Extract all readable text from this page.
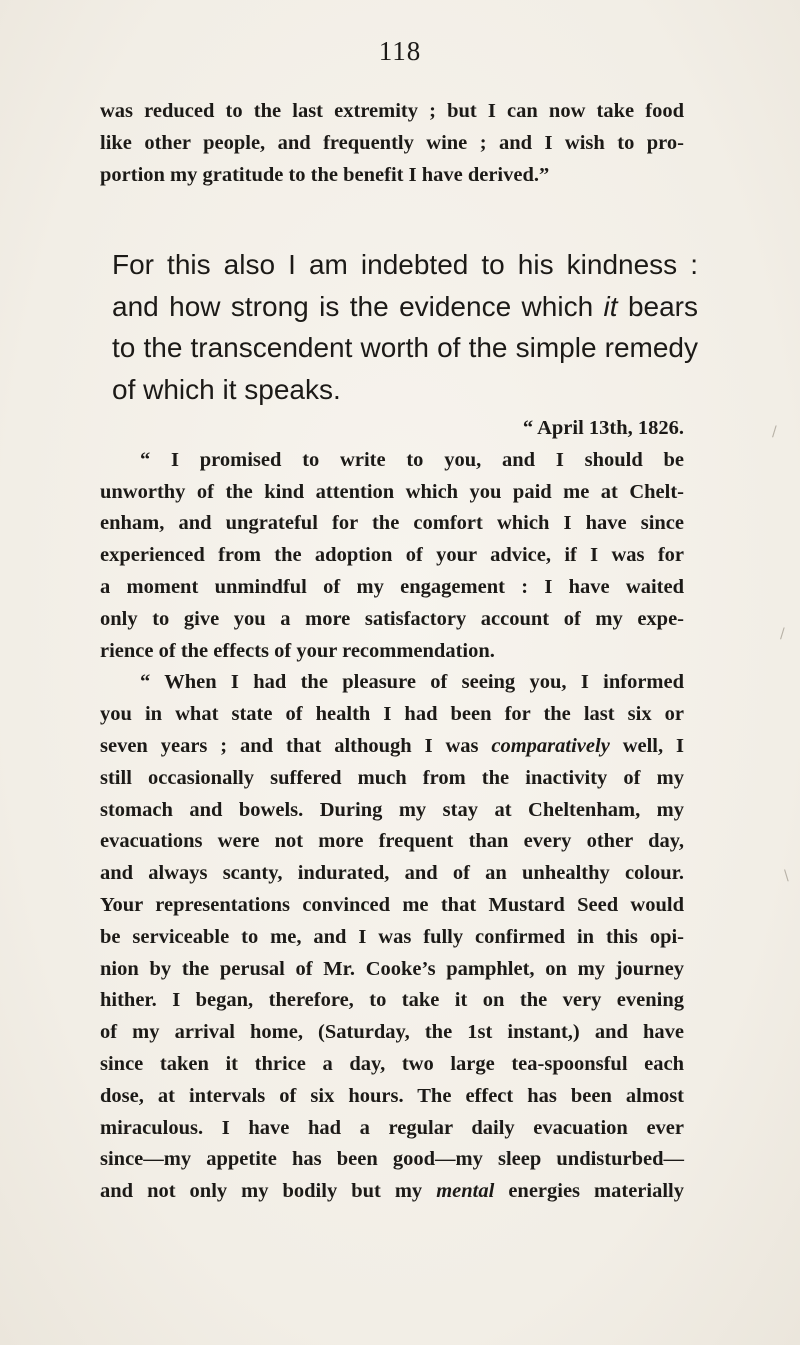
118
was reduced to the last extremity ; but I can now take food
like other people, and frequently wine ; and I wish to pro-
portion my gratitude to the benefit I have derived.”
For this also I am indebted to his kindness :
and how strong is the evidence which it bears
to the transcendent worth of the simple remedy
of which it speaks.
“ April 13th, 1826.
“ I promised to write to you, and I should be
unworthy of the kind attention which you paid me at Chelt-
enham, and ungrateful for the comfort which I have since
experienced from the adoption of your advice, if I was for
a moment unmindful of my engagement : I have waited
only to give you a more satisfactory account of my expe-
rience of the effects of your recommendation.
“ When I had the pleasure of seeing you, I informed
you in what state of health I had been for the last six or
seven years ; and that although I was comparatively well, I
still occasionally suffered much from the inactivity of my
stomach and bowels. During my stay at Cheltenham, my
evacuations were not more frequent than every other day,
and always scanty, indurated, and of an unhealthy colour.
Your representations convinced me that Mustard Seed would
be serviceable to me, and I was fully confirmed in this opi-
nion by the perusal of Mr. Cooke’s pamphlet, on my journey
hither. I began, therefore, to take it on the very evening
of my arrival home, (Saturday, the 1st instant,) and have
since taken it thrice a day, two large tea-spoonsful each
dose, at intervals of six hours. The effect has been almost
miraculous. I have had a regular daily evacuation ever
since—my appetite has been good—my sleep undisturbed—
and not only my bodily but my mental energies materially
/
/
\
